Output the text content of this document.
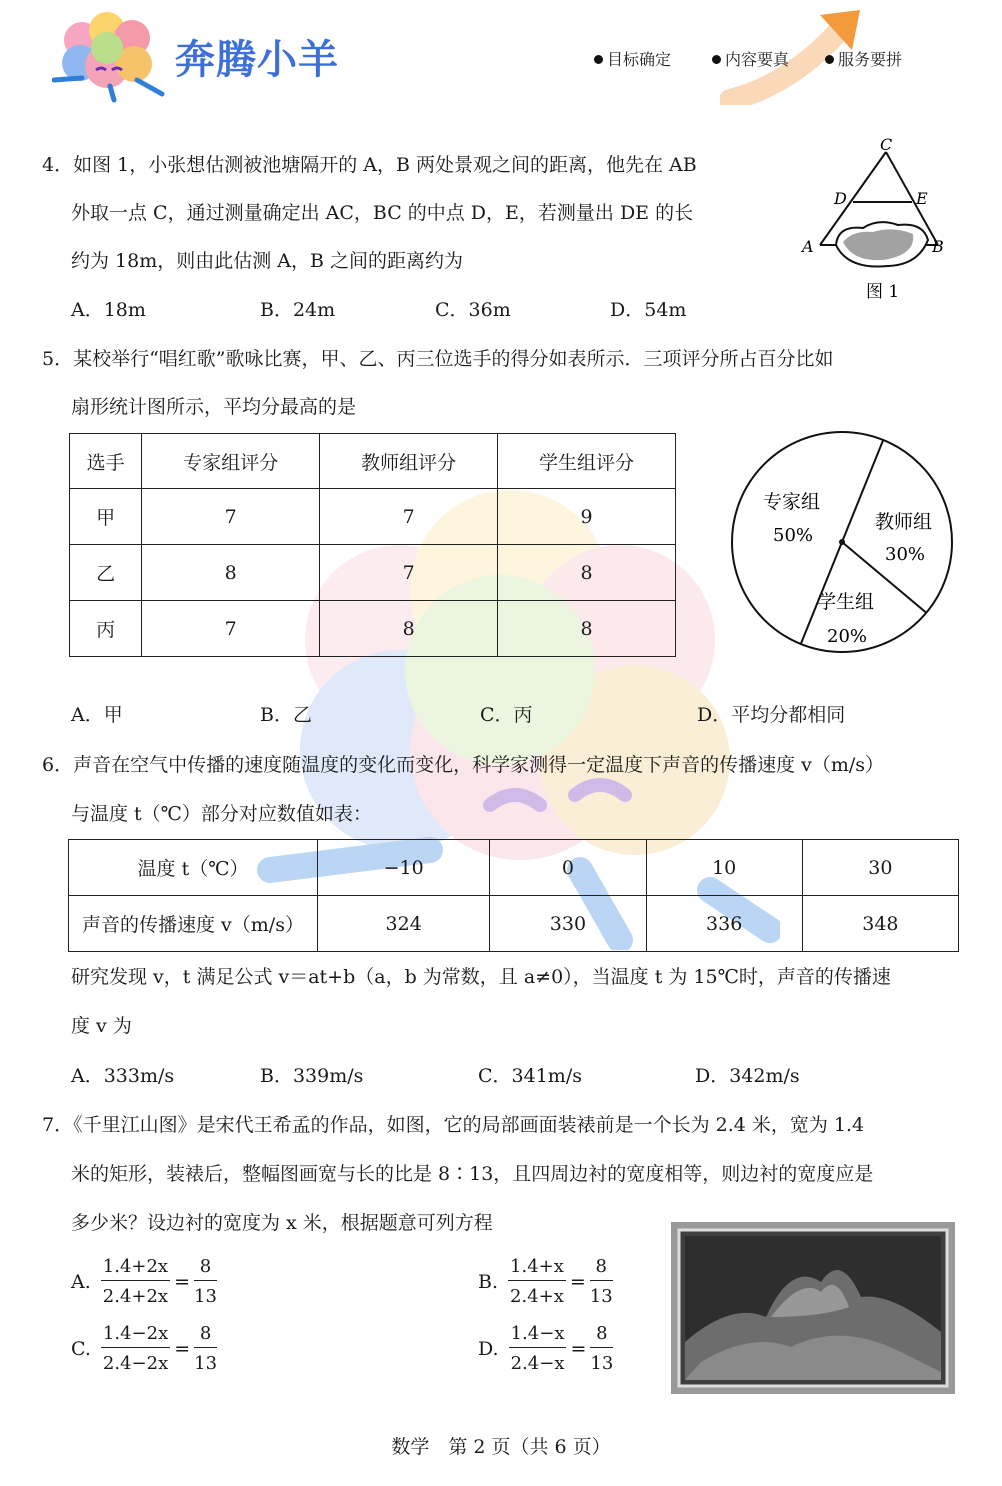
奔腾小羊	目标确定	内容要真	服务要拼
4．如图 1，小张想估测被池塘隔开的 A，B 两处景观之间的距离，他先在 AB
外取一点 C，通过测量确定出 AC，BC 的中点 D，E，若测量出 DE 的长
约为 18m，则由此估测 A，B 之间的距离约为
A．18m	B．24m	C．36m	D．54m
C
D	E
A	B
图 1
5．某校举行“唱红歌”歌咏比赛，甲、乙、丙三位选手的得分如表所示．三项评分所占百分比如
扇形统计图所示，平均分最高的是
选手	专家组评分	教师组评分	学生组评分
甲	7	7	9
乙	8	7	8
丙	7	8	8
专家组
50%
教师组
30%
学生组
20%
A．甲	B．乙	C．丙	D．平均分都相同
6．声音在空气中传播的速度随温度的变化而变化，科学家测得一定温度下声音的传播速度 v（m/s）
与温度 t（℃）部分对应数值如表：
温度 t（℃）	−10	0	10	30
声音的传播速度 v（m/s）	324	330	336	348
研究发现 v，t 满足公式 v＝at+b（a，b 为常数，且 a≠0），当温度 t 为 15℃时，声音的传播速
度 v 为
A．333m/s	B．339m/s	C．341m/s	D．342m/s
7．《千里江山图》是宋代王希孟的作品，如图，它的局部画面装裱前是一个长为 2.4 米，宽为 1.4
米的矩形，装裱后，整幅图画宽与长的比是 8∶13，且四周边衬的宽度相等，则边衬的宽度应是
多少米？设边衬的宽度为 x 米，根据题意可列方程
A. $\frac{1.4+2x}{2.4+2x} = \frac{8}{13}$	B. $\frac{1.4+x}{2.4+x} = \frac{8}{13}$
C. $\frac{1.4-2x}{2.4-2x} = \frac{8}{13}$	D. $\frac{1.4-x}{2.4-x} = \frac{8}{13}$
数学　第 2 页（共 6 页）
